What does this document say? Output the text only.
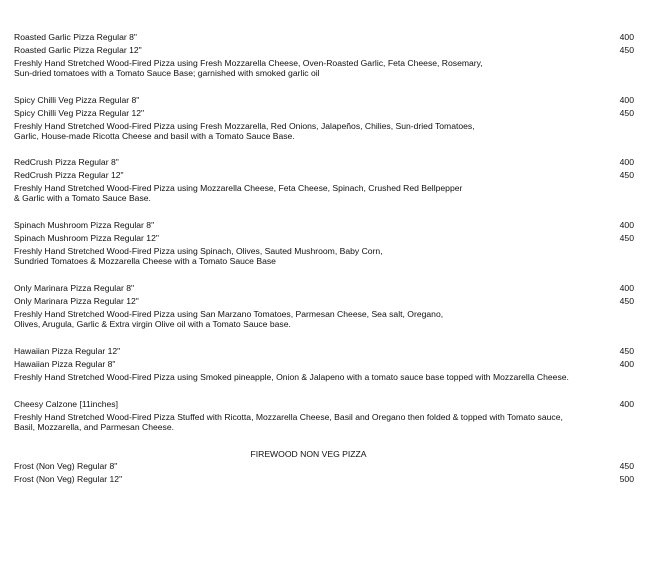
Roasted Garlic Pizza Regular 8"	400
Roasted Garlic Pizza Regular 12"	450
Freshly Hand Stretched Wood-Fired Pizza using Fresh Mozzarella Cheese, Oven-Roasted Garlic, Feta Cheese, Rosemary,
Sun-dried tomatoes with a Tomato Sauce Base; garnished with smoked garlic oil
Spicy Chilli Veg Pizza Regular 8"	400
Spicy Chilli Veg Pizza Regular 12"	450
Freshly Hand Stretched Wood-Fired Pizza using Fresh Mozzarella, Red Onions, Jalapeños, Chilies, Sun-dried Tomatoes,
Garlic, House-made Ricotta Cheese and basil with a Tomato Sauce Base.
RedCrush Pizza Regular 8"	400
RedCrush Pizza Regular 12"	450
Freshly Hand Stretched Wood-Fired Pizza using Mozzarella Cheese, Feta Cheese, Spinach, Crushed Red Bellpepper
& Garlic with a Tomato Sauce Base.
Spinach Mushroom Pizza Regular 8"	400
Spinach Mushroom Pizza Regular 12"	450
Freshly Hand Stretched Wood-Fired Pizza using Spinach, Olives, Sauted Mushroom, Baby Corn,
Sundried Tomatoes & Mozzarella Cheese with a Tomato Sauce Base
Only Marinara Pizza Regular 8"	400
Only Marinara Pizza Regular 12"	450
Freshly Hand Stretched Wood-Fired Pizza using San Marzano Tomatoes, Parmesan Cheese, Sea salt, Oregano,
Olives, Arugula, Garlic & Extra virgin Olive oil with a Tomato Sauce base.
Hawaiian Pizza Regular 12"	450
Hawaiian Pizza Regular 8"	400
Freshly Hand Stretched Wood-Fired Pizza using Smoked pineapple, Onion & Jalapeno with a tomato sauce base topped with Mozzarella Cheese.
Cheesy Calzone [11inches]	400
Freshly Hand Stretched Wood-Fired Pizza Stuffed with Ricotta, Mozzarella Cheese, Basil and Oregano then folded & topped with Tomato sauce,
Basil, Mozzarella, and Parmesan Cheese.
FIREWOOD NON VEG PIZZA
Frost (Non Veg) Regular 8"	450
Frost (Non Veg) Regular 12"	500
